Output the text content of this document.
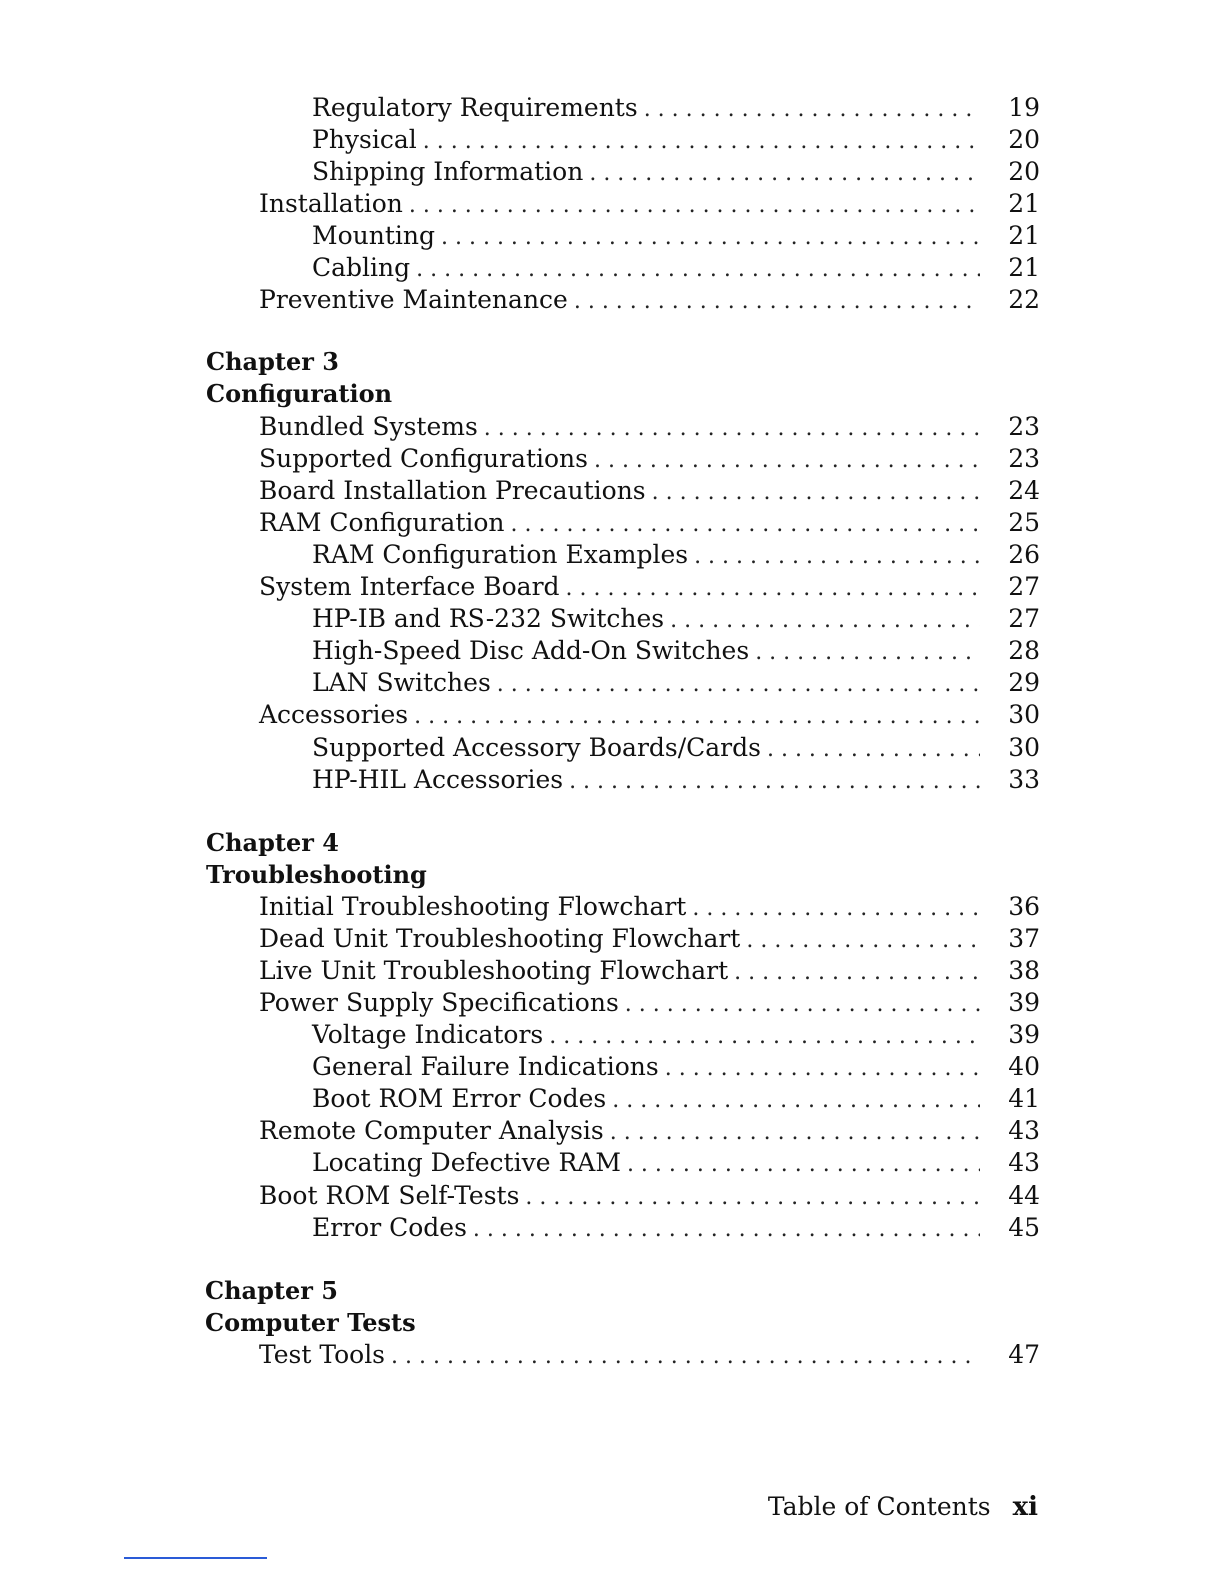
Regulatory Requirements . . .	19
Physical . . .	20
Shipping Information . . .	20
Installation . . .	21
Mounting . . .	21
Cabling . . .	21
Preventive Maintenance . . .	22
Chapter 3
Configuration
Bundled Systems . . .	23
Supported Configurations . . .	23
Board Installation Precautions . . .	24
RAM Configuration . . .	25
RAM Configuration Examples . . .	26
System Interface Board . . .	27
HP-IB and RS-232 Switches . . .	27
High-Speed Disc Add-On Switches . . .	28
LAN Switches . . .	29
Accessories . . .	30
Supported Accessory Boards/Cards . . .	30
HP-HIL Accessories . . .	33
Chapter 4
Troubleshooting
Initial Troubleshooting Flowchart . . .	36
Dead Unit Troubleshooting Flowchart . . .	37
Live Unit Troubleshooting Flowchart . . .	38
Power Supply Specifications . . .	39
Voltage Indicators . . .	39
General Failure Indications . . .	40
Boot ROM Error Codes . . .	41
Remote Computer Analysis . . .	43
Locating Defective RAM . . .	43
Boot ROM Self-Tests . . .	44
Error Codes . . .	45
Chapter 5
Computer Tests
Test Tools . . .	47
Table of Contents xi
